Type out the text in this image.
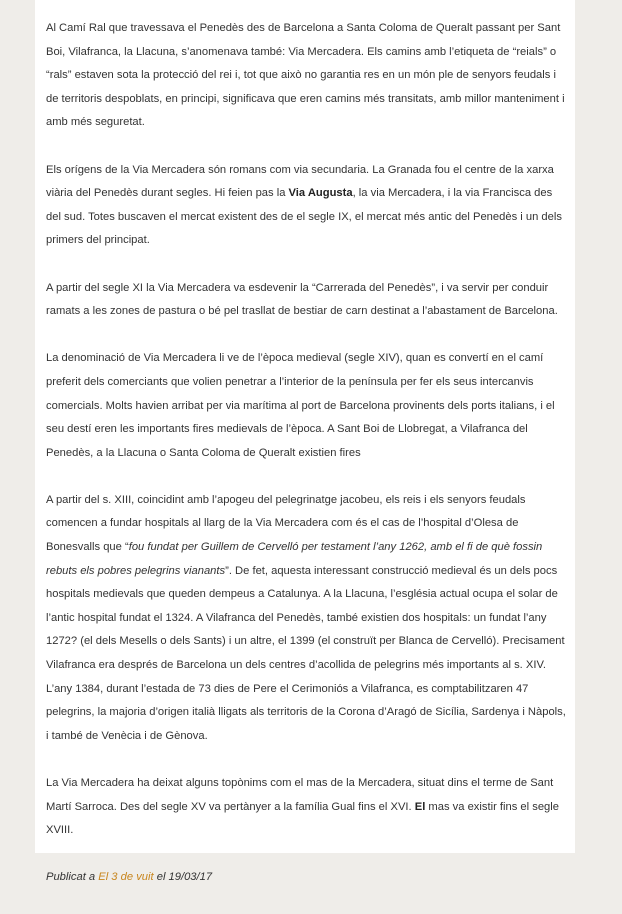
Al Camí Ral que travessava el Penedès des de Barcelona a Santa Coloma de Queralt passant per Sant Boi, Vilafranca, la Llacuna, s’anomenava també: Via Mercadera. Els camins amb l’etiqueta de “reials” o “rals” estaven sota la protecció del rei i, tot que això no garantia res en un món ple de senyors feudals i de territoris despoblats, en principi, significava que eren camins més transitats, amb millor manteniment i amb més seguretat.

Els orígens de la Via Mercadera són romans com via secundaria. La Granada fou el centre de la xarxa viària del Penedès durant segles. Hi feien pas la Via Augusta, la via Mercadera, i la via Francisca des del sud. Totes buscaven el mercat existent des de el segle IX, el mercat més antic del Penedès i un dels primers del principat.

A partir del segle XI la Via Mercadera va esdevenir la “Carrerada del Penedès”, i va servir per conduir ramats a les zones de pastura o bé pel trasllat de bestiar de carn destinat a l’abastament de Barcelona.

La denominació de Via Mercadera li ve de l’època medieval (segle XIV), quan es convertí en el camí preferit dels comerciants que volien penetrar a l’interior de la península per fer els seus intercanvis comercials. Molts havien arribat per via marítima al port de Barcelona provinents dels ports italians, i el seu destí eren les importants fires medievals de l’època. A Sant Boi de Llobregat, a Vilafranca del Penedès, a la Llacuna o Santa Coloma de Queralt existien fires

A partir del s. XIII, coincidint amb l’apogeu del pelegrinatge jacobeu, els reis i els senyors feudals comencen a fundar hospitals al llarg de la Via Mercadera com és el cas de l’hospital d’Olesa de Bonesvalls que “fou fundat per Guillem de Cervelló per testament l’any 1262, amb el fi de què fossin rebuts els pobres pelegrins vianants”. De fet, aquesta interessant construcció medieval és un dels pocs hospitals medievals que queden dempeus a Catalunya. A la Llacuna, l’església actual ocupa el solar de l’antic hospital fundat el 1324. A Vilafranca del Penedès, també existien dos hospitals: un fundat l’any 1272? (el dels Mesells o dels Sants) i un altre, el 1399 (el construït per Blanca de Cervelló). Precisament Vilafranca era després de Barcelona un dels centres d’acollida de pelegrins més importants al s. XIV. L’any 1384, durant l’estada de 73 dies de Pere el Cerimoniós a Vilafranca, es comptabilitzaren 47 pelegrins, la majoria d’origen italià lligats als territoris de la Corona d’Aragó de Sicília, Sardenya i Nàpols, i també de Venècia i de Gènova.

La Via Mercadera ha deixat alguns topònims com el mas de la Mercadera, situat dins el terme de Sant Martí Sarroca. Des del segle XV va pertànyer a la família Gual fins el XVI. El mas va existir fins el segle XVIII.

Publicat a El 3 de vuit el 19/03/17
